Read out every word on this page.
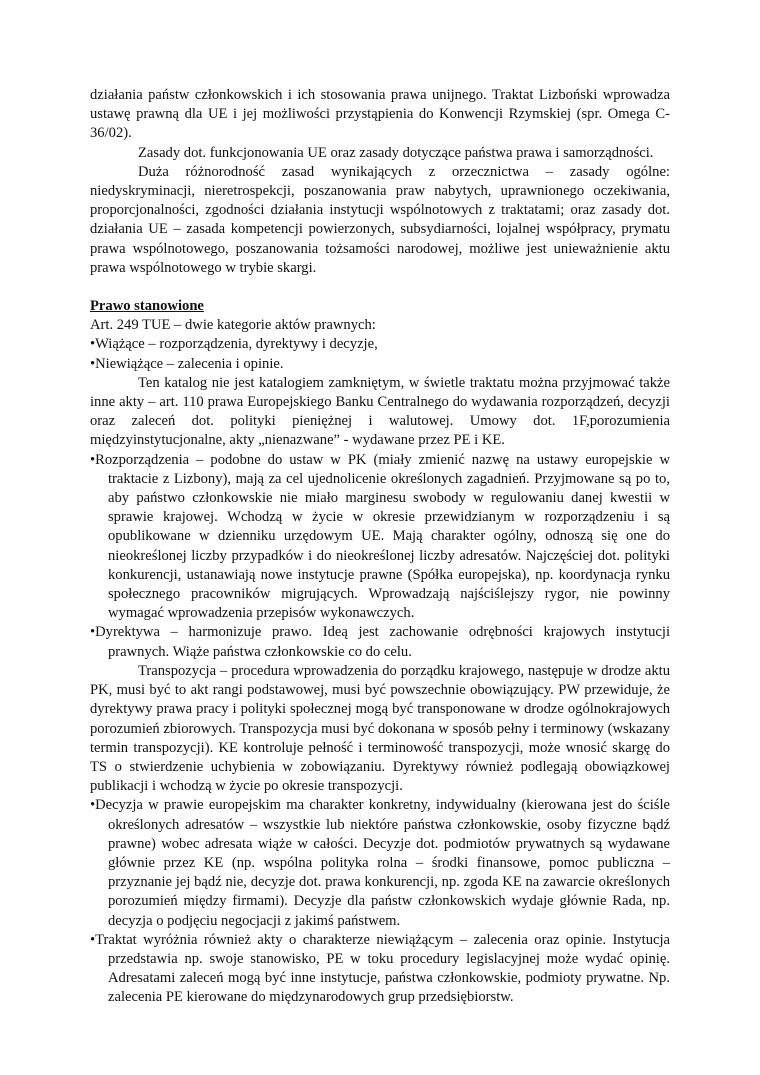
działania państw członkowskich i ich stosowania prawa unijnego. Traktat Lizboński wprowadza ustawę prawną dla UE i jej możliwości przystąpienia do Konwencji Rzymskiej (spr. Omega C-36/02).

Zasady dot. funkcjonowania UE oraz zasady dotyczące państwa prawa i samorządności.

Duża różnorodność zasad wynikających z orzecznictwa – zasady ogólne: niedyskryminacji, nieretrospekcji, poszanowania praw nabytych, uprawnionego oczekiwania, proporcjonalności, zgodności działania instytucji wspólnotowych z traktatami; oraz zasady dot. działania UE – zasada kompetencji powierzonych, subsydiarności, lojalnej współpracy, prymatu prawa wspólnotowego, poszanowania tożsamości narodowej, możliwe jest unieważnienie aktu prawa wspólnotowego w trybie skargi.

Prawo stanowione

Art. 249 TUE – dwie kategorie aktów prawnych:

•Wiążące – rozporządzenia, dyrektywy i decyzje,

•Niewiążące – zalecenia i opinie.

Ten katalog nie jest katalogiem zamkniętym, w świetle traktatu można przyjmować także inne akty – art. 110 prawa Europejskiego Banku Centralnego do wydawania rozporządzeń, decyzji oraz zaleceń dot. polityki pieniężnej i walutowej. Umowy dot. 1F,porozumienia międzyinstytucjonalne, akty „nienazwane” - wydawane przez PE i KE.

•Rozporządzenia – podobne do ustaw w PK (miały zmienić nazwę na ustawy europejskie w traktacie z Lizbony), mają za cel ujednolicenie określonych zagadnień. Przyjmowane są po to, aby państwo członkowskie nie miało marginesu swobody w regulowaniu danej kwestii w sprawie krajowej. Wchodzą w życie w okresie przewidzianym w rozporządzeniu i są opublikowane w dzienniku urzędowym UE. Mają charakter ogólny, odnoszą się one do nieokreślonej liczby przypadków i do nieokreślonej liczby adresatów. Najczęściej dot. polityki konkurencji, ustanawiają nowe instytucje prawne (Spółka europejska), np. koordynacja rynku społecznego pracowników migrujących. Wprowadzają najściślejszy rygor, nie powinny wymagać wprowadzenia przepisów wykonawczych.

•Dyrektywa – harmonizuje prawo. Ideą jest zachowanie odrębności krajowych instytucji prawnych. Wiąże państwa członkowskie co do celu.

Transpozycja – procedura wprowadzenia do porządku krajowego, następuje w drodze aktu PK, musi być to akt rangi podstawowej, musi być powszechnie obowiązujący. PW przewiduje, że dyrektywy prawa pracy i polityki społecznej mogą być transponowane w drodze ogólnokrajowych porozumień zbiorowych. Transpozycja musi być dokonana w sposób pełny i terminowy (wskazany termin transpozycji). KE kontroluje pełność i terminowość transpozycji, może wnosić skargę do TS o stwierdzenie uchybienia w zobowiązaniu. Dyrektywy również podlegają obowiązkowej publikacji i wchodzą w życie po okresie transpozycji.

•Decyzja w prawie europejskim ma charakter konkretny, indywidualny (kierowana jest do ściśle określonych adresatów – wszystkie lub niektóre państwa członkowskie, osoby fizyczne bądź prawne) wobec adresata wiąże w całości. Decyzje dot. podmiotów prywatnych są wydawane głównie przez KE (np. wspólna polityka rolna – środki finansowe, pomoc publiczna – przyznanie jej bądź nie, decyzje dot. prawa konkurencji, np. zgoda KE na zawarcie określonych porozumień między firmami). Decyzje dla państw członkowskich wydaje głównie Rada, np. decyzja o podjęciu negocjacji z jakimś państwem.

•Traktat wyróżnia również akty o charakterze niewiążącym – zalecenia oraz opinie. Instytucja przedstawia np. swoje stanowisko, PE w toku procedury legislacyjnej może wydać opinię. Adresatami zaleceń mogą być inne instytucje, państwa członkowskie, podmioty prywatne. Np. zalecenia PE kierowane do międzynarodowych grup przedsiębiorstw.
